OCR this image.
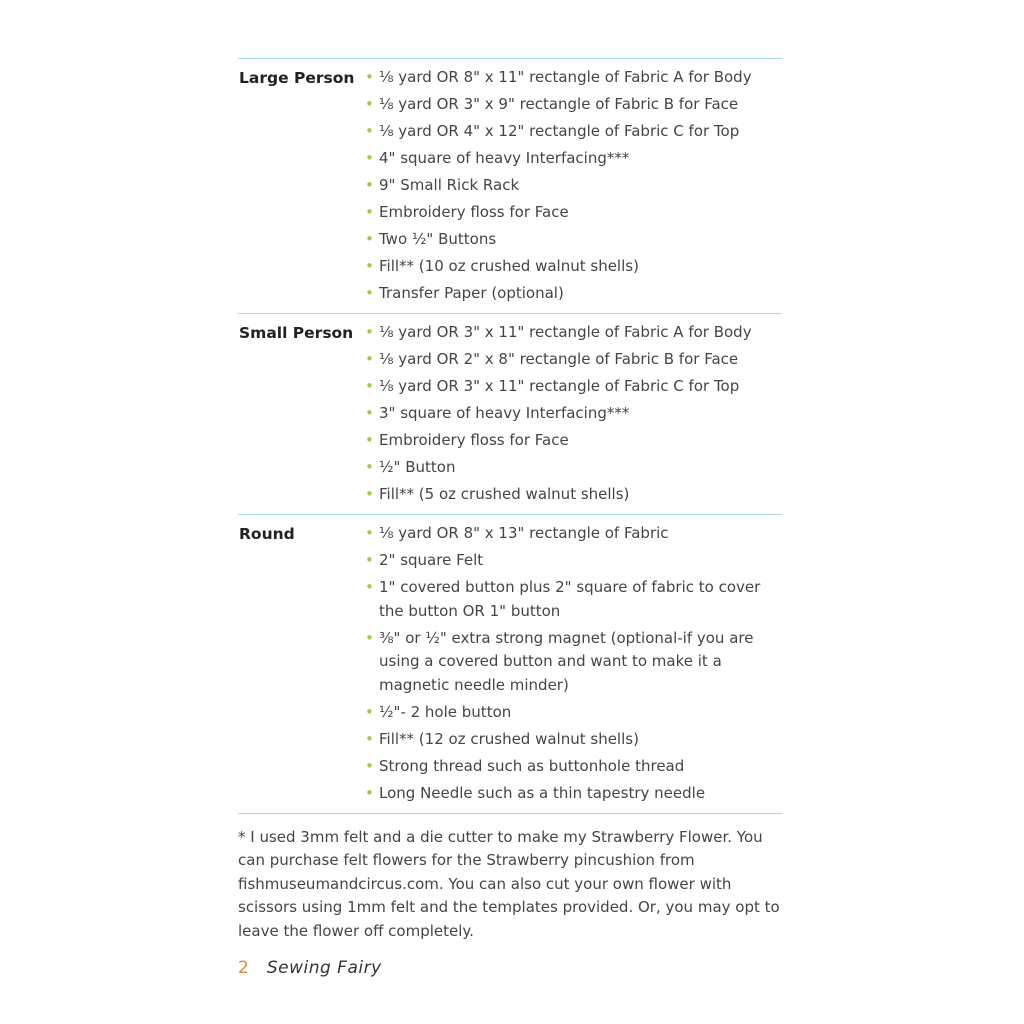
Large Person • ⅛ yard OR 8" x 11" rectangle of Fabric A for Body
• ⅛ yard OR 3" x 9" rectangle of Fabric B for Face
• ⅛ yard OR 4" x 12" rectangle of Fabric C for Top
• 4" square of heavy Interfacing***
• 9" Small Rick Rack
• Embroidery floss for Face
• Two ½" Buttons
• Fill** (10 oz crushed walnut shells)
• Transfer Paper (optional)
Small Person • ⅛ yard OR 3" x 11" rectangle of Fabric A for Body
• ⅛ yard OR 2" x 8" rectangle of Fabric B for Face
• ⅛ yard OR 3" x 11" rectangle of Fabric C for Top
• 3" square of heavy Interfacing***
• Embroidery floss for Face
• ½" Button
• Fill** (5 oz crushed walnut shells)
Round	• ⅛ yard OR 8" x 13" rectangle of Fabric
• 2" square Felt
• 1" covered button plus 2" square of fabric to cover the button OR 1" button
• ⅜" or ½" extra strong magnet (optional-if you are using a covered button and want to make it a magnetic needle minder)
• ½"- 2 hole button
• Fill** (12 oz crushed walnut shells)
• Strong thread such as buttonhole thread
• Long Needle such as a thin tapestry needle

* I used 3mm felt and a die cutter to make my Strawberry Flower. You can purchase felt flowers for the Strawberry pincushion from fishmuseumandcircus.com. You can also cut your own flower with scissors using 1mm felt and the templates provided. Or, you may opt to leave the flower off completely.

2 Sewing Fairy
